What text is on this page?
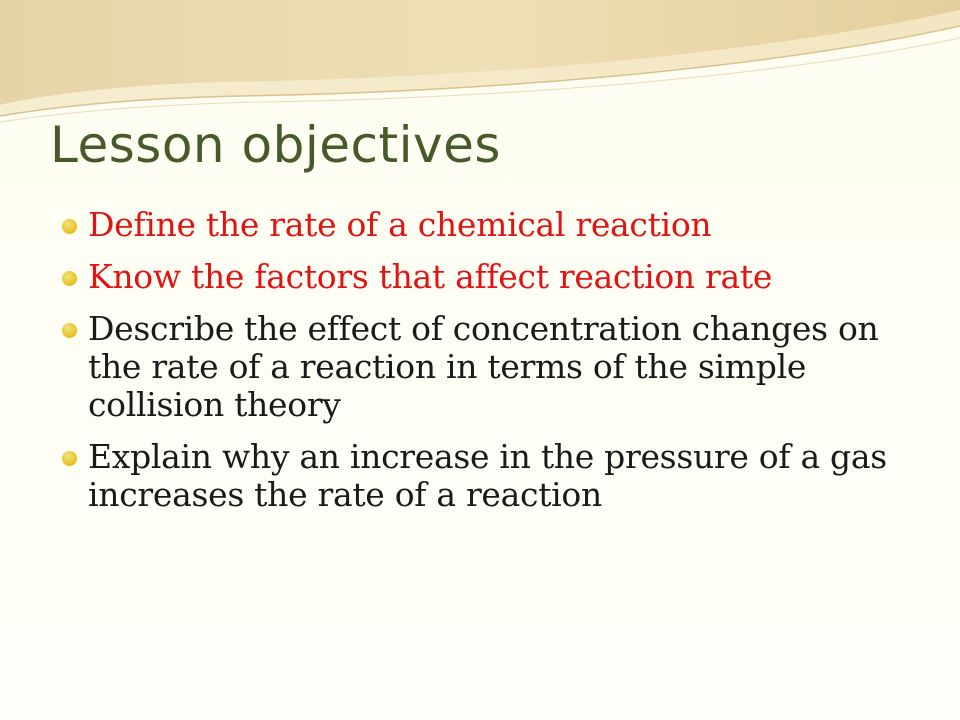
Lesson objectives
Define the rate of a chemical reaction
Know the factors that affect reaction rate
Describe the effect of concentration changes on the rate of a reaction in terms of the simple collision theory
Explain why an increase in the pressure of a gas increases the rate of a reaction
